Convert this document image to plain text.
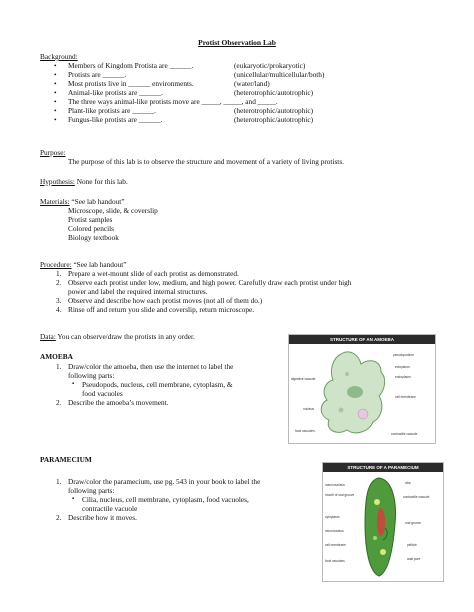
Protist Observation Lab
Background:
• Members of Kingdom Protista are ______.	(eukaryotic/prokaryotic)
• Protists are ______.	(unicellular/multicellular/both)
• Most protists live in ______ environments.	(water/land)
• Animal-like protists are ______.	(heterotrophic/autotrophic)
• The three ways animal-like protists move are _____, _____, and _____.
• Plant-like protists are ______.	(heterotrophic/autotrophic)
• Fungus-like protists are ______.	(heterotrophic/autotrophic)
Purpose:
The purpose of this lab is to observe the structure and movement of a variety of living protists.
Hypothesis: None for this lab.
Materials: “See lab handout”
Microscope, slide, & coverslip
Protist samples
Colored pencils
Biology textbook
Procedure: “See lab handout”
1. Prepare a wet-mount slide of each protist as demonstrated.
2. Observe each protist under low, medium, and high power. Carefully draw each protist under high
power and label the required internal structures.
3. Observe and describe how each protist moves (not all of them do.)
4. Rinse off and return you slide and coverslip, return microscope.
Data: You can observe/draw the protists in any order.
AMOEBA
1. Draw/color the amoeba, then use the internet to label the
following parts:
▪ Pseudopods, nucleus, cell membrane, cytoplasm, &
food vacuoles
2. Describe the amoeba’s movement.
STRUCTURE OF AN AMOEBA
digestive vacuole
nucleus
food vacuoles
pseudopodium
ectoplasm
endoplasm
cell membrane
contractile vacuole
PARAMECIUM
1. Draw/color the paramecium, use pg. 543 in your book to label the
following parts:
▪ Cilia, nucleus, cell membrane, cytoplasm, food vacuoles,
contractile vacuole
2. Describe how it moves.
STRUCTURE OF A PARAMECIUM
macronucleus
mouth of oral groove
cytoplasm
micronucleus
cell membrane
food vacuoles
cilia
contractile vacuole
oral groove
pellicle
anal pore
